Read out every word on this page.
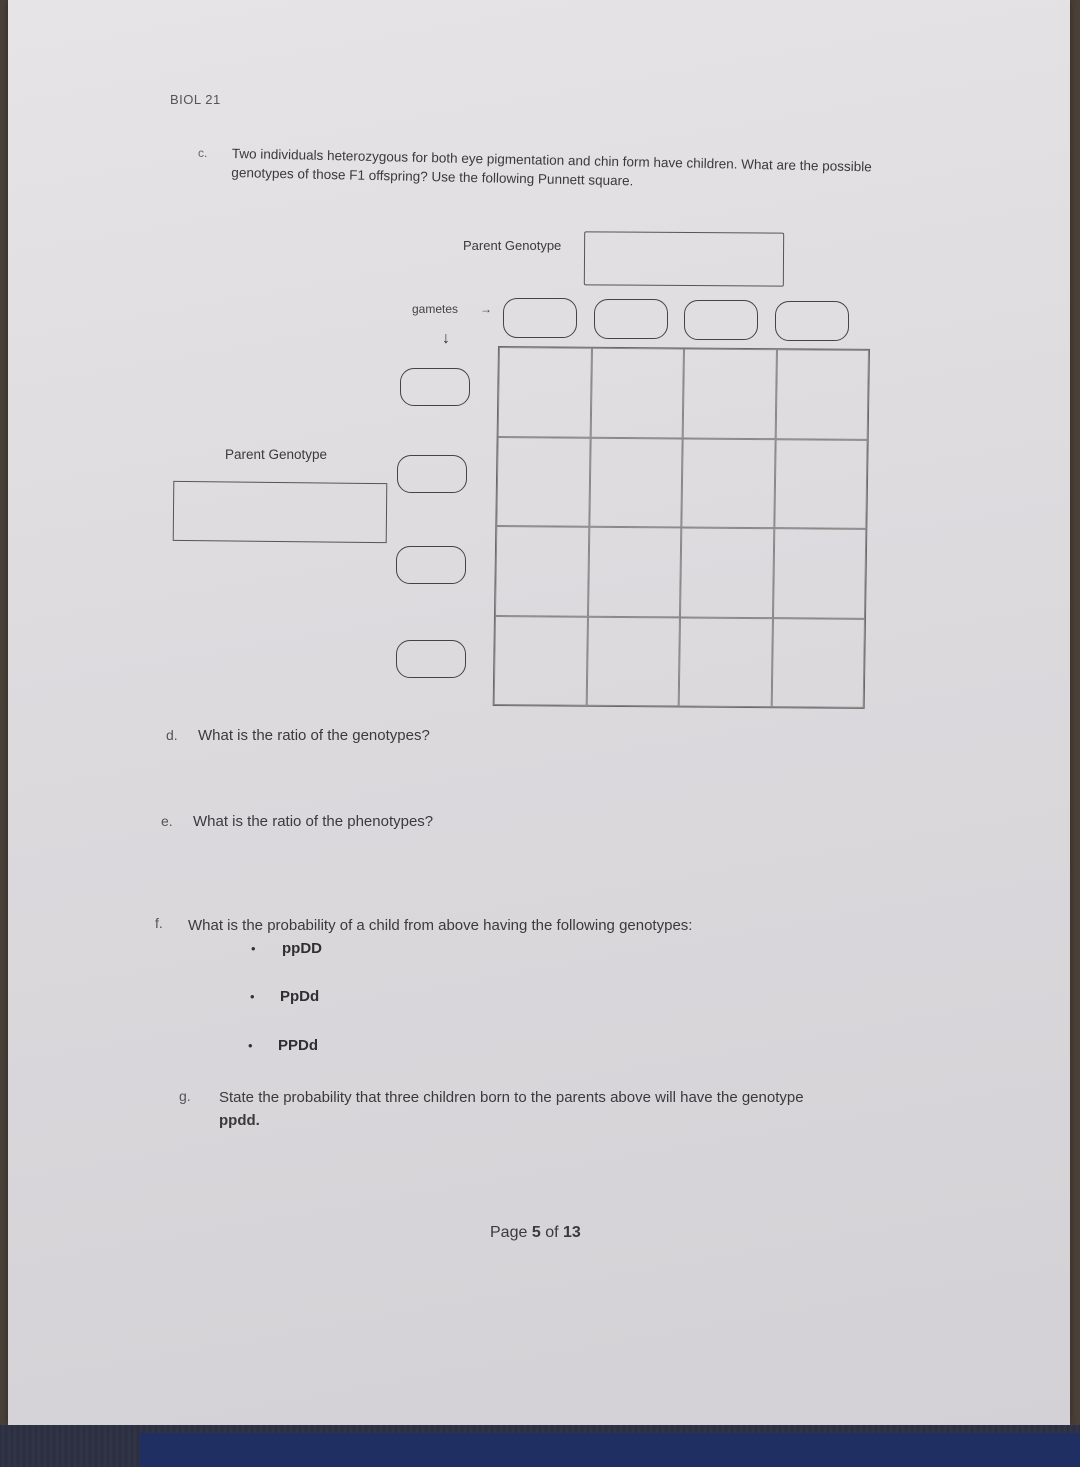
BIOL 21
c. Two individuals heterozygous for both eye pigmentation and chin form have children. What are the possible genotypes of those F1 offspring? Use the following Punnett square.
Parent Genotype
gametes →
↓
Parent Genotype
d. What is the ratio of the genotypes?
e. What is the ratio of the phenotypes?
f. What is the probability of a child from above having the following genotypes:
• ppDD
• PpDd
• PPDd
g. State the probability that three children born to the parents above will have the genotype
ppdd.
Page 5 of 13
